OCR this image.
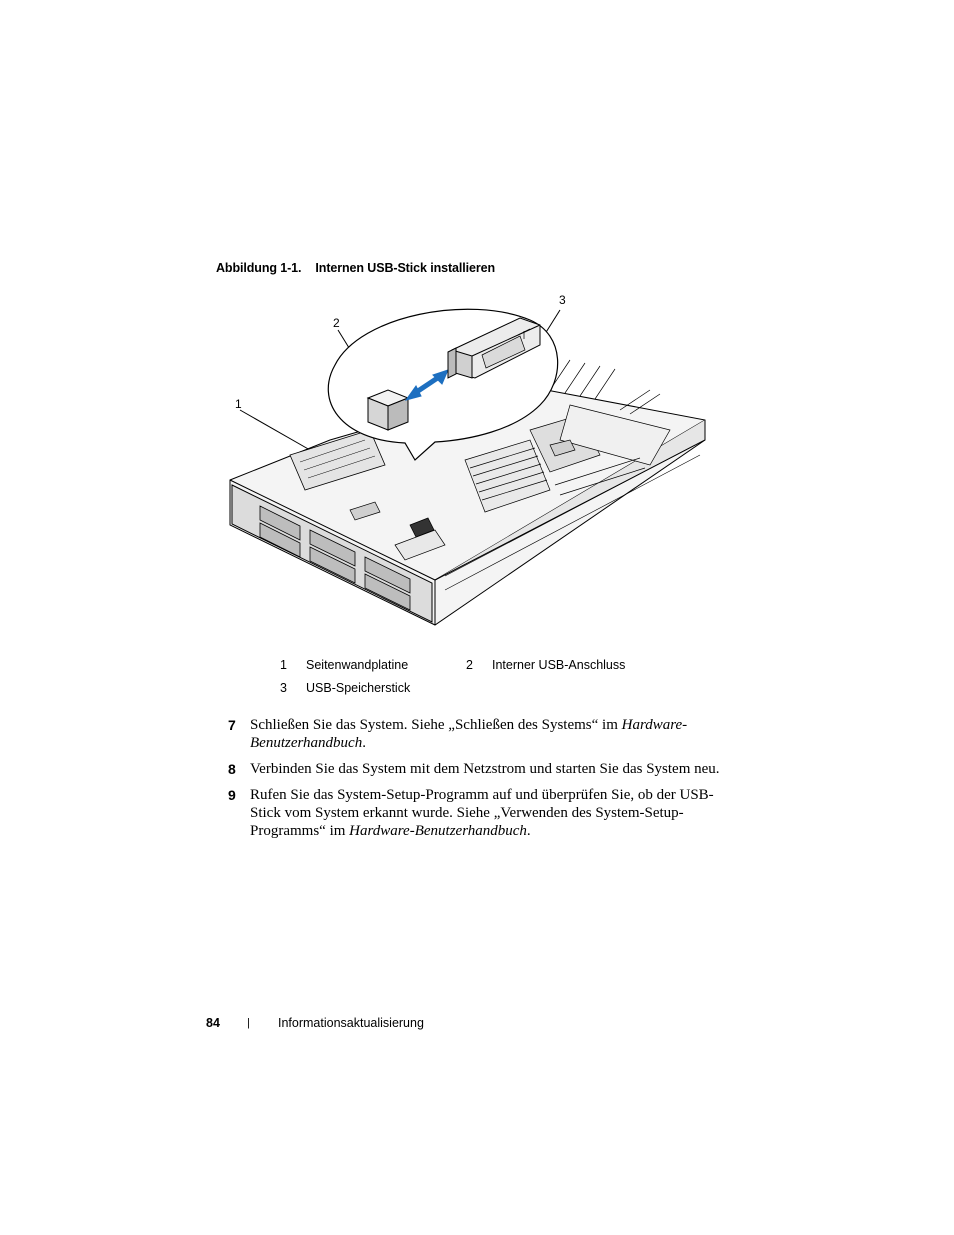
Abbildung 1-1. Internen USB-Stick installieren
3
2
1
1 Seitenwandplatine	2 Interner USB-Anschluss
3 USB-Speicherstick
7 Schließen Sie das System. Siehe „Schließen des Systems“ im Hardware-Benutzerhandbuch.
8 Verbinden Sie das System mit dem Netzstrom und starten Sie das System neu.
9 Rufen Sie das System-Setup-Programm auf und überprüfen Sie, ob der USB-Stick vom System erkannt wurde. Siehe „Verwenden des System-Setup-Programms“ im Hardware-Benutzerhandbuch.
84 | Informationsaktualisierung
